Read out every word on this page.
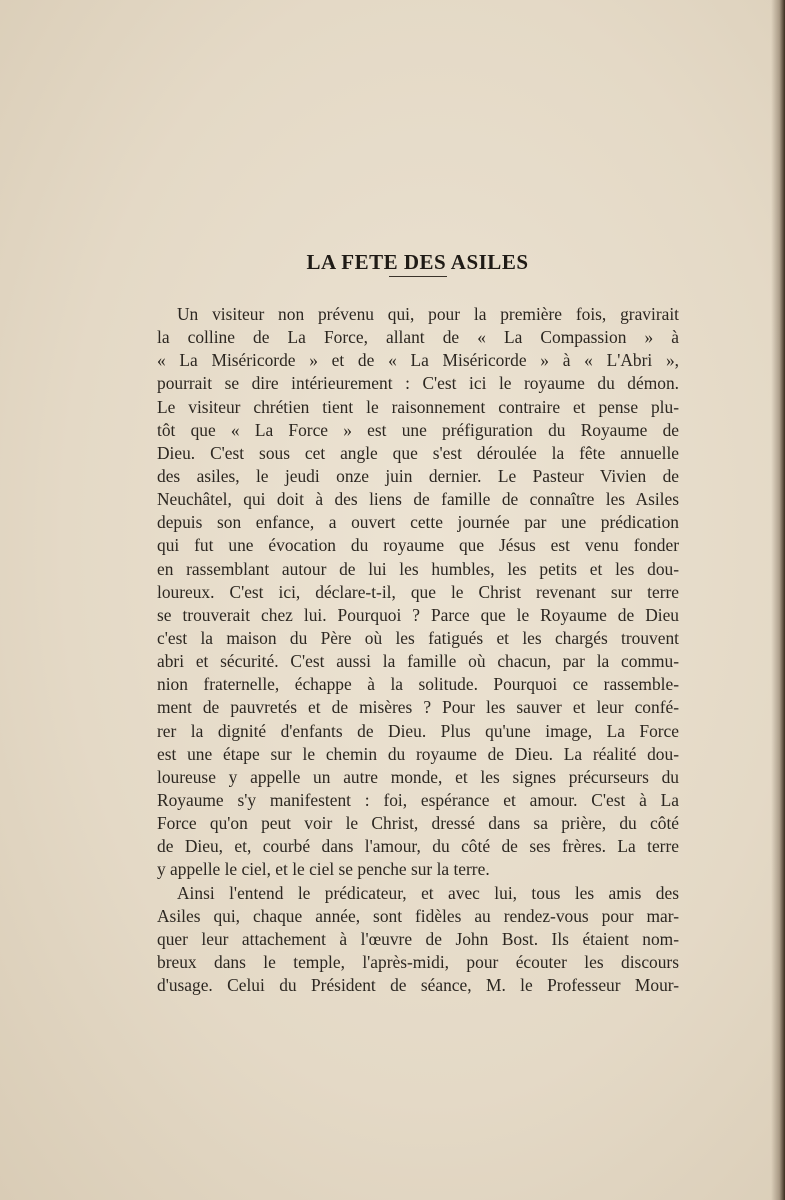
LA FETE DES ASILES
Un visiteur non prévenu qui, pour la première fois, gravirait
la colline de La Force, allant de « La Compassion » à
« La Miséricorde » et de « La Miséricorde » à « L'Abri »,
pourrait se dire intérieurement : C'est ici le royaume du démon.
Le visiteur chrétien tient le raisonnement contraire et pense plu-
tôt que « La Force » est une préfiguration du Royaume de
Dieu. C'est sous cet angle que s'est déroulée la fête annuelle
des asiles, le jeudi onze juin dernier. Le Pasteur Vivien de
Neuchâtel, qui doit à des liens de famille de connaître les Asiles
depuis son enfance, a ouvert cette journée par une prédication
qui fut une évocation du royaume que Jésus est venu fonder
en rassemblant autour de lui les humbles, les petits et les dou-
loureux. C'est ici, déclare-t-il, que le Christ revenant sur terre
se trouverait chez lui. Pourquoi ? Parce que le Royaume de Dieu
c'est la maison du Père où les fatigués et les chargés trouvent
abri et sécurité. C'est aussi la famille où chacun, par la commu-
nion fraternelle, échappe à la solitude. Pourquoi ce rassemble-
ment de pauvretés et de misères ? Pour les sauver et leur confé-
rer la dignité d'enfants de Dieu. Plus qu'une image, La Force
est une étape sur le chemin du royaume de Dieu. La réalité dou-
loureuse y appelle un autre monde, et les signes précurseurs du
Royaume s'y manifestent : foi, espérance et amour. C'est à La
Force qu'on peut voir le Christ, dressé dans sa prière, du côté
de Dieu, et, courbé dans l'amour, du côté de ses frères. La terre
y appelle le ciel, et le ciel se penche sur la terre.
Ainsi l'entend le prédicateur, et avec lui, tous les amis des
Asiles qui, chaque année, sont fidèles au rendez-vous pour mar-
quer leur attachement à l'œuvre de John Bost. Ils étaient nom-
breux dans le temple, l'après-midi, pour écouter les discours
d'usage. Celui du Président de séance, M. le Professeur Mour-
